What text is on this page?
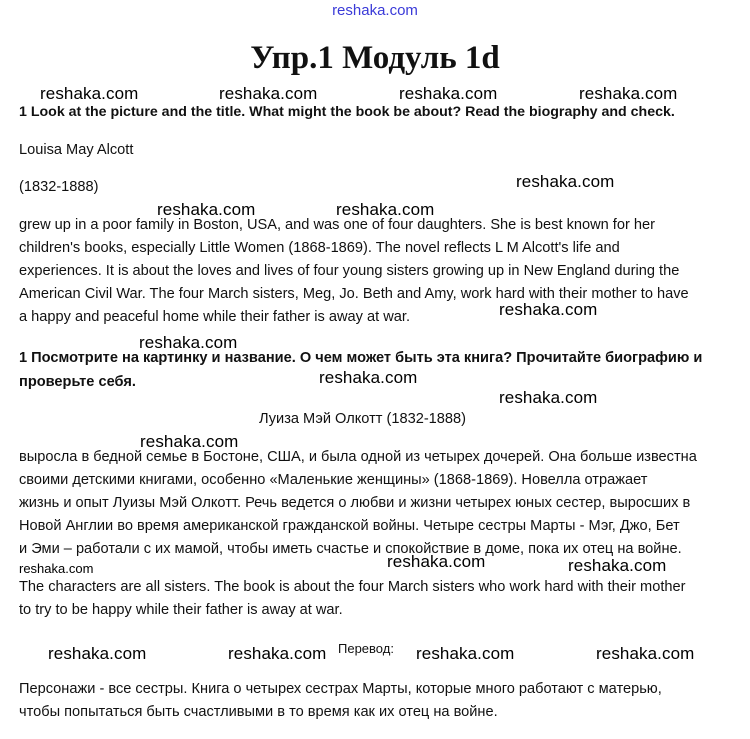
reshaka.com
Упр.1 Модуль 1d
reshaka.com	reshaka.com	reshaka.com	reshaka.com
reshaka.com
reshaka.com	reshaka.com
reshaka.com
reshaka.com
reshaka.com
reshaka.com
reshaka.com
reshaka.com	reshaka.com	reshaka.com
reshaka.com	reshaka.com	reshaka.com	reshaka.com
1 Look at the picture and the title. What might the book be about? Read the biography and check.
Louisa May Alcott
(1832-1888)
grew up in a poor family in Boston, USA, and was one of four daughters. She is best known for her
children's books, especially Little Women (1868-1869). The novel reflects L M Alcott's life and
experiences. It is about the loves and lives of four young sisters growing up in New England during the
American Civil War. The four March sisters, Meg, Jo. Beth and Amy, work hard with their mother to have
a happy and peaceful home while their father is away at war.
1 Посмотрите на картинку и название. О чем может быть эта книга? Прочитайте биографию и
проверьте себя.
Луиза Мэй Олкотт (1832-1888)
выросла в бедной семье в Бостоне, США, и была одной из четырех дочерей. Она больше известна
своими детскими книгами, особенно «Маленькие женщины» (1868-1869). Новелла отражает
жизнь и опыт Луизы Мэй Олкотт. Речь ведется о любви и жизни четырех юных сестер, выросших в
Новой Англии во время американской гражданской войны. Четыре сестры Марты - Мэг, Джо, Бет
и Эми – работали с их мамой, чтобы иметь счастье и спокойствие в доме, пока их отец на войне.
The characters are all sisters. The book is about the four March sisters who work hard with their mother
to try to be happy while their father is away at war.
Перевод:
Персонажи - все сестры. Книга о четырех сестрах Марты, которые много работают с матерью,
чтобы попытаться быть счастливыми в то время как их отец на войне.
